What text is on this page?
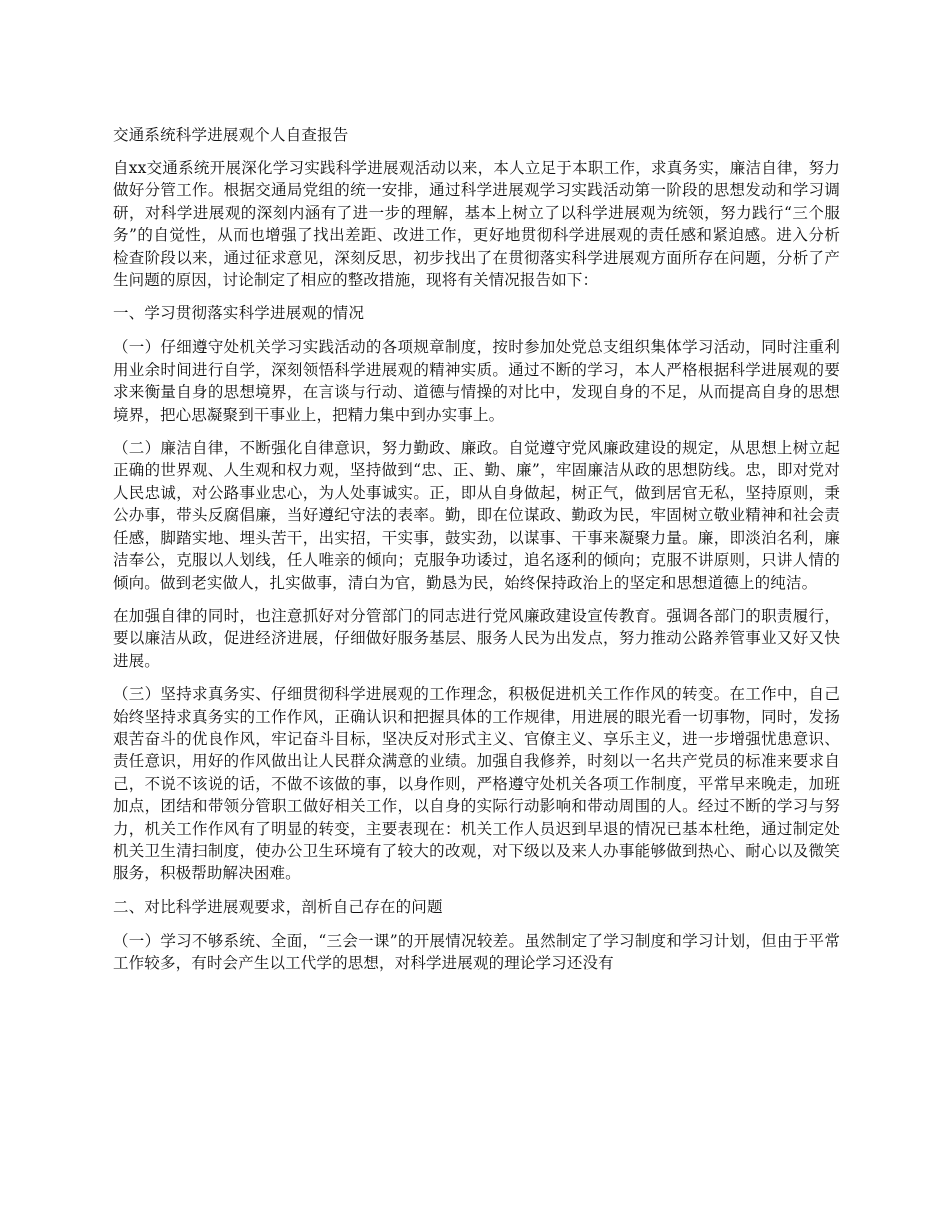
交通系统科学进展观个人自查报告
自xx交通系统开展深化学习实践科学进展观活动以来，本人立足于本职工作，求真务实，廉洁自律，努力做好分管工作。根据交通局党组的统一安排，通过科学进展观学习实践活动第一阶段的思想发动和学习调研，对科学进展观的深刻内涵有了进一步的理解，基本上树立了以科学进展观为统领，努力践行“三个服务”的自觉性，从而也增强了找出差距、改进工作，更好地贯彻科学进展观的责任感和紧迫感。进入分析检查阶段以来，通过征求意见，深刻反思，初步找出了在贯彻落实科学进展观方面所存在问题，分析了产生问题的原因，讨论制定了相应的整改措施，现将有关情况报告如下：
一、学习贯彻落实科学进展观的情况
（一）仔细遵守处机关学习实践活动的各项规章制度，按时参加处党总支组织集体学习活动，同时注重利用业余时间进行自学，深刻领悟科学进展观的精神实质。通过不断的学习，本人严格根据科学进展观的要求来衡量自身的思想境界，在言谈与行动、道德与情操的对比中，发现自身的不足，从而提高自身的思想境界，把心思凝聚到干事业上，把精力集中到办实事上。
（二）廉洁自律，不断强化自律意识，努力勤政、廉政。自觉遵守党风廉政建设的规定，从思想上树立起正确的世界观、人生观和权力观，坚持做到“忠、正、勤、廉”，牢固廉洁从政的思想防线。忠，即对党对人民忠诚，对公路事业忠心，为人处事诚实。正，即从自身做起，树正气，做到居官无私，坚持原则，秉公办事，带头反腐倡廉，当好遵纪守法的表率。勤，即在位谋政、勤政为民，牢固树立敬业精神和社会责任感，脚踏实地、埋头苦干，出实招，干实事，鼓实劲，以谋事、干事来凝聚力量。廉，即淡泊名利，廉洁奉公，克服以人划线，任人唯亲的倾向；克服争功诿过，追名逐利的倾向；克服不讲原则，只讲人情的倾向。做到老实做人，扎实做事，清白为官，勤恳为民，始终保持政治上的坚定和思想道德上的纯洁。
在加强自律的同时，也注意抓好对分管部门的同志进行党风廉政建设宣传教育。强调各部门的职责履行，要以廉洁从政，促进经济进展，仔细做好服务基层、服务人民为出发点，努力推动公路养管事业又好又快进展。
（三）坚持求真务实、仔细贯彻科学进展观的工作理念，积极促进机关工作作风的转变。在工作中，自己始终坚持求真务实的工作作风，正确认识和把握具体的工作规律，用进展的眼光看一切事物，同时，发扬艰苦奋斗的优良作风，牢记奋斗目标，坚决反对形式主义、官僚主义、享乐主义，进一步增强忧患意识、责任意识，用好的作风做出让人民群众满意的业绩。加强自我修养，时刻以一名共产党员的标准来要求自己，不说不该说的话，不做不该做的事，以身作则，严格遵守处机关各项工作制度，平常早来晚走，加班加点，团结和带领分管职工做好相关工作，以自身的实际行动影响和带动周围的人。经过不断的学习与努力，机关工作作风有了明显的转变，主要表现在：机关工作人员迟到早退的情况已基本杜绝，通过制定处机关卫生清扫制度，使办公卫生环境有了较大的改观，对下级以及来人办事能够做到热心、耐心以及微笑服务，积极帮助解决困难。
二、对比科学进展观要求，剖析自己存在的问题
（一）学习不够系统、全面，“三会一课”的开展情况较差。虽然制定了学习制度和学习计划，但由于平常工作较多，有时会产生以工代学的思想，对科学进展观的理论学习还没有
